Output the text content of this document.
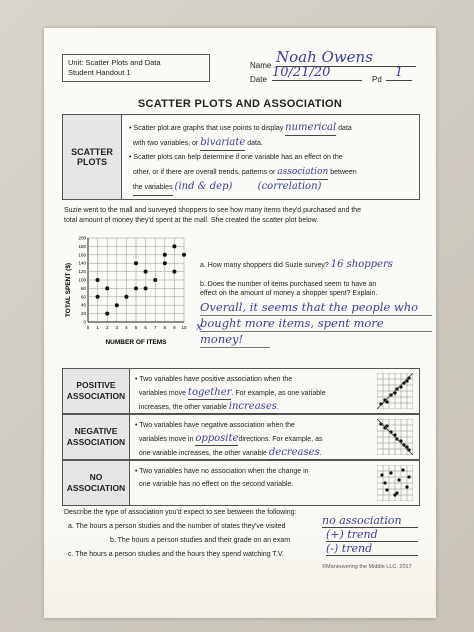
Unit: Scatter Plots and Data
Student Handout 1
Name Noah Owens
Date 10/21/20	Pd	1
SCATTER PLOTS AND ASSOCIATION
SCATTER
PLOTS
• Scatter plot are graphs that use points to display numerical data
with two variables, or bivariate data.
• Scatter plots can help determine if one variable has an effect on the
other, or if there are overall trends, patterns or association between
the variables (ind & dep)	(correlation)
Suzie went to the mall and surveyed shoppers to see how many items they'd purchased and the
total amount of money they'd spent at the mall. She created the scatter plot below.
0 1 2 3 4 5 6 7 8 9 10
0
20
40
60
80
100
120
140
160
180
200
TOTAL SPENT ($)
NUMBER OF ITEMS
x
a. How many shoppers did Suzie survey? 16 shoppers
b. Does the number of items purchased seem to have an
effect on the amount of money a shopper spent? Explain.
Overall, it seems that the people who
bought more items, spent more
money!
POSITIVE
ASSOCIATION
• Two variables have positive association when the
variables move together. For example, as one variable
increases, the other variable increases.
NEGATIVE
ASSOCIATION
• Two variables have negative association when the
variables move in oppositedirections. For example, as
one variable increases, the other variable decreases.
NO
ASSOCIATION
• Two variables have no association when the change in
one variable has no effect on the second variable.

Describe the type of association you'd expect to see between the following:
a. The hours a person studies and the number of states they've visited	no association
b. The hours a person studies and their grade on an exam	(+) trend
c. The hours a person studies and the hours they spend watching T.V.	(-) trend
©Maneuvering the Middle LLC, 2017
